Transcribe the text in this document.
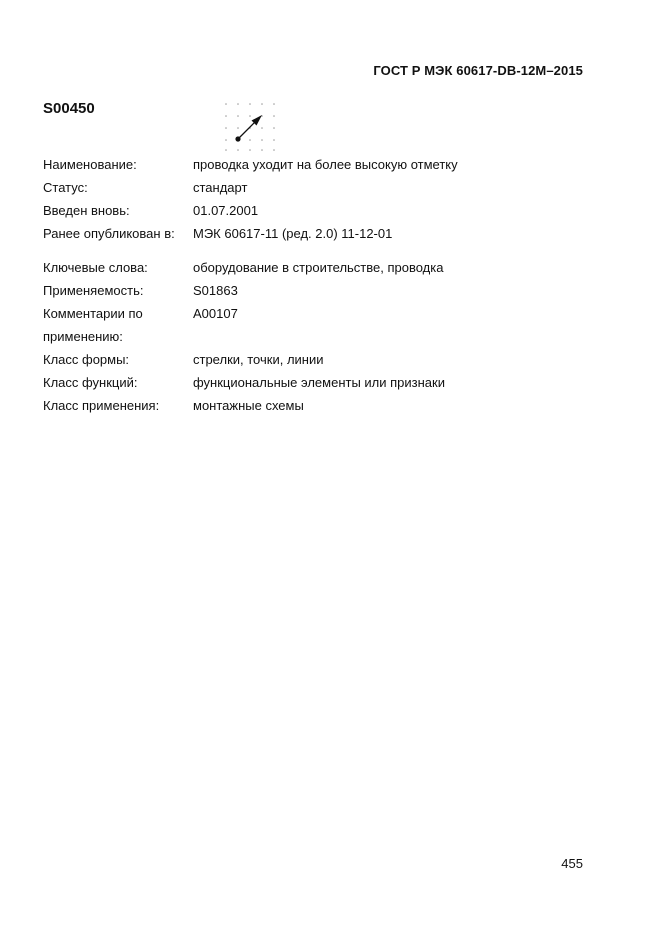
ГОСТ Р МЭК 60617-DB-12M–2015
S00450
Наименование:	проводка уходит на более высокую отметку
Статус:	стандарт
Введен вновь:	01.07.2001
Ранее опубликован в: МЭК 60617-11 (ред. 2.0) 11-12-01
Ключевые слова:	оборудование в строительстве, проводка
Применяемость:	S01863
Комментарии по	A00107
применению:
Класс формы:	стрелки, точки, линии
Класс функций:	функциональные элементы или признаки
Класс применения:	монтажные схемы
455
